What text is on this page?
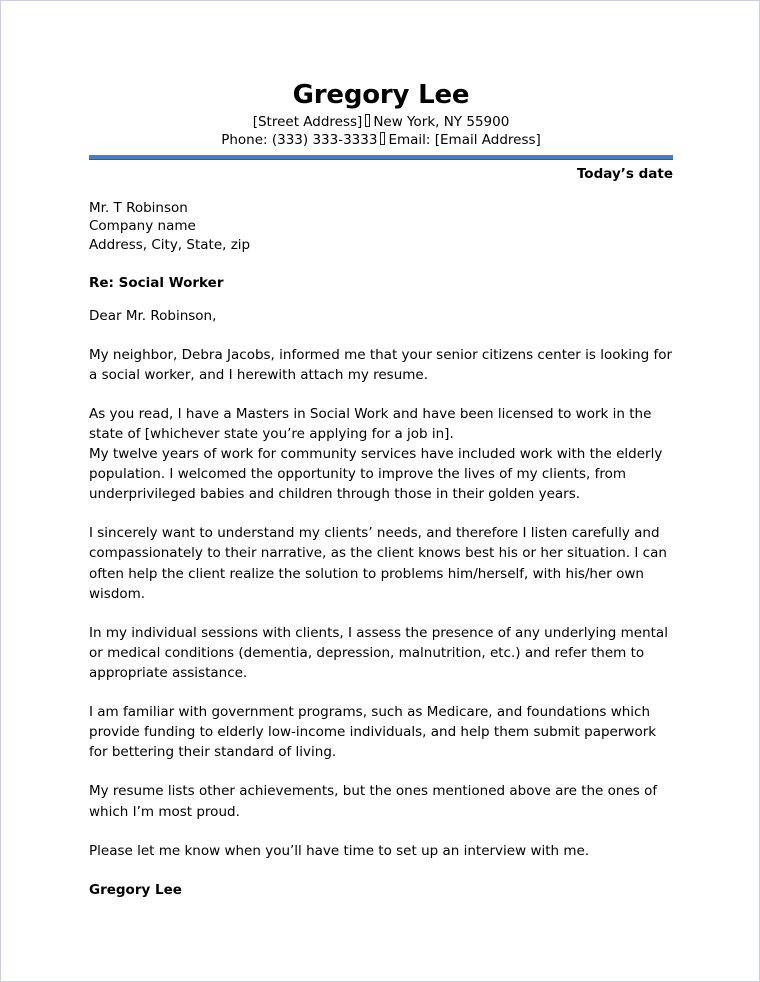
Gregory Lee

[Street Address] New York, NY 55900

Phone: (333) 333-3333 Email: [Email Address]

Today’s date
Mr. T Robinson
Company name
Address, City, State, zip
Re: Social Worker
Dear Mr. Robinson,

My neighbor, Debra Jacobs, informed me that your senior citizens center is looking for a social worker, and I herewith attach my resume.

As you read, I have a Masters in Social Work and have been licensed to work in the state of [whichever state you’re applying for a job in].
My twelve years of work for community services have included work with the elderly population. I welcomed the opportunity to improve the lives of my clients, from underprivileged babies and children through those in their golden years.

I sincerely want to understand my clients’ needs, and therefore I listen carefully and compassionately to their narrative, as the client knows best his or her situation. I can often help the client realize the solution to problems him/herself, with his/her own wisdom.

In my individual sessions with clients, I assess the presence of any underlying mental or medical conditions (dementia, depression, malnutrition, etc.) and refer them to appropriate assistance.

I am familiar with government programs, such as Medicare, and foundations which provide funding to elderly low-income individuals, and help them submit paperwork for bettering their standard of living.

My resume lists other achievements, but the ones mentioned above are the ones of which I’m most proud.

Please let me know when you’ll have time to set up an interview with me.

Gregory Lee
